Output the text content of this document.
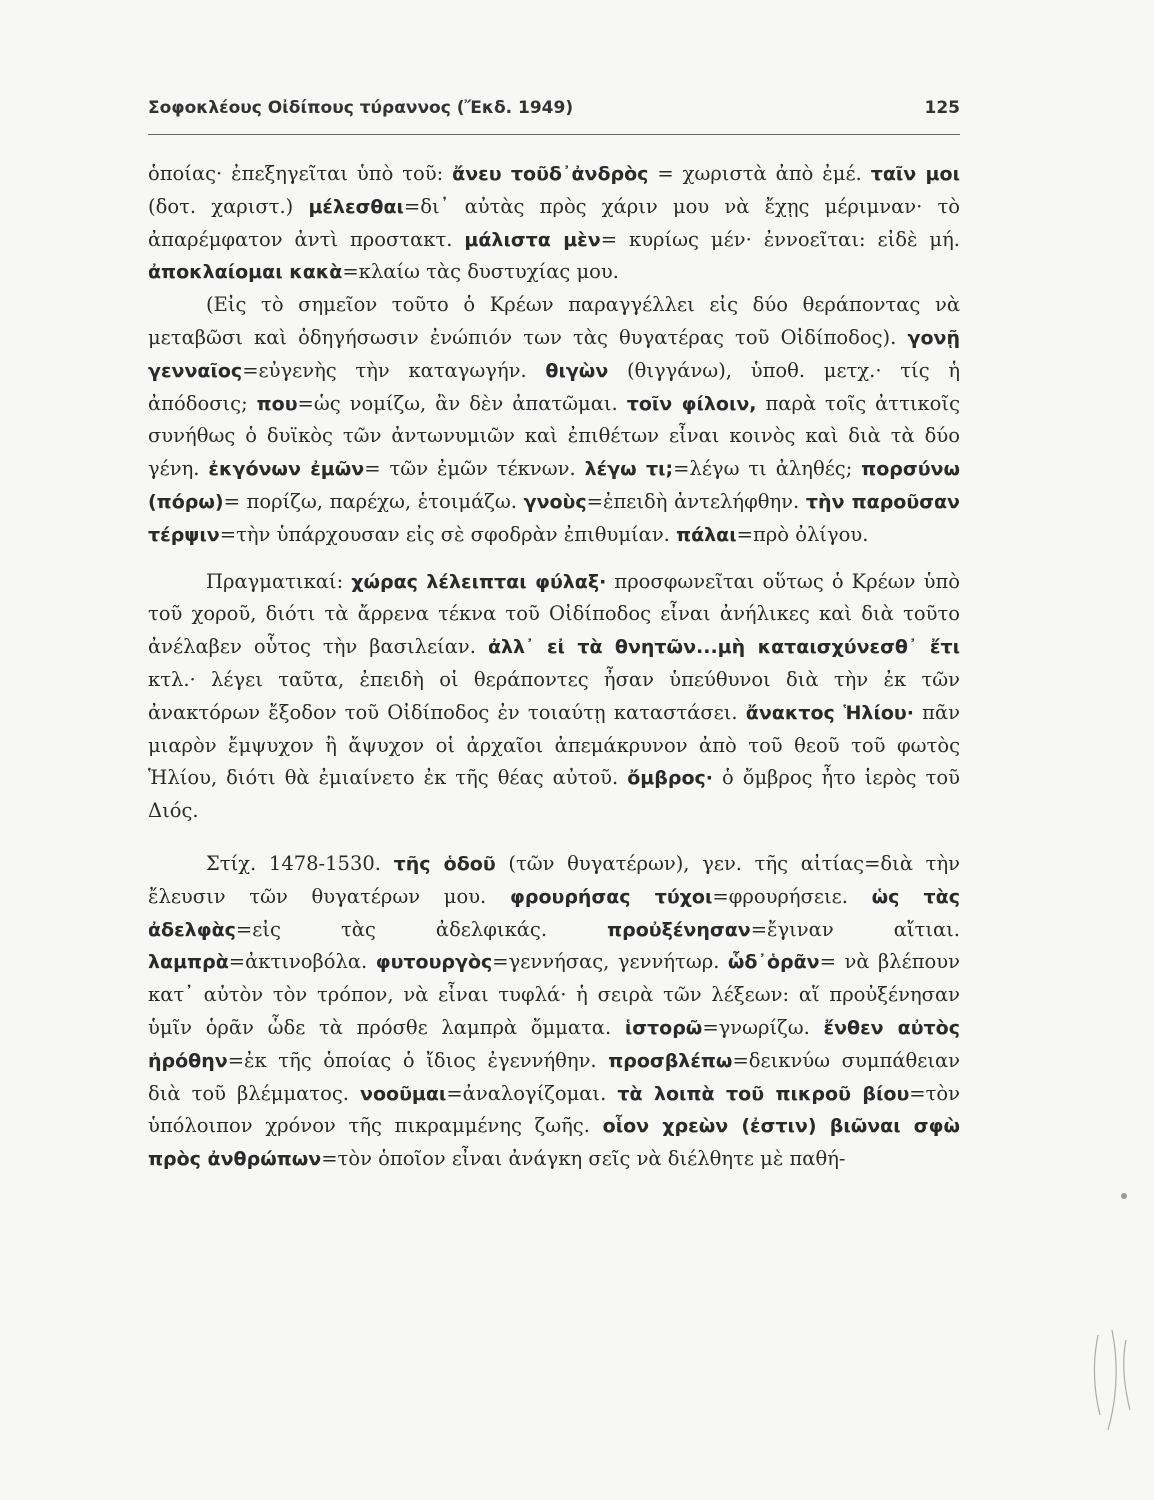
Σοφοκλέους Οἰδίπους τύραννος (Ἔκδ. 1949)	125

ὁποίας· ἐπεξηγεῖται ὑπὸ τοῦ: ἄνευ τοῦδ᾽ἀνδρὸς = χωριστὰ ἀπὸ ἐμέ. ταῖν μοι (δοτ. χαριστ.) μέλεσθαι=δι᾽ αὐτὰς πρὸς χάριν μου νὰ ἔχῃς μέριμναν· τὸ ἀπαρέμφατον ἀντὶ προστακτ. μάλιστα μὲν= κυρίως μέν· ἐννοεῖται: εἰδὲ μή. ἀποκλαίομαι κακὰ=κλαίω τὰς δυστυχίας μου.

(Εἰς τὸ σημεῖον τοῦτο ὁ Κρέων παραγγέλλει εἰς δύο θεράποντας νὰ μεταβῶσι καὶ ὁδηγήσωσιν ἐνώπιόν των τὰς θυγατέρας τοῦ Οἰδίποδος). γονῇ γενναῖος=εὐγενὴς τὴν καταγωγήν. θιγὼν (θιγγάνω), ὑποθ. μετχ.· τίς ἡ ἀπόδοσις; που=ὡς νομίζω, ἂν δὲν ἀπατῶμαι. τοῖν φίλοιν, παρὰ τοῖς ἀττικοῖς συνήθως ὁ δυϊκὸς τῶν ἀντωνυμιῶν καὶ ἐπιθέτων εἶναι κοινὸς καὶ διὰ τὰ δύο γένη. ἐκγόνων ἐμῶν= τῶν ἐμῶν τέκνων. λέγω τι;=λέγω τι ἀληθές; πορσύνω (πόρω)= πορίζω, παρέχω, ἑτοιμάζω. γνοὺς=ἐπειδὴ ἀντελήφθην. τὴν παροῦσαν τέρψιν=τὴν ὑπάρχουσαν εἰς σὲ σφοδρὰν ἐπιθυμίαν. πάλαι=πρὸ ὀλίγου.

Πραγματικαί: χώρας λέλειπται φύλαξ· προσφωνεῖται οὕτως ὁ Κρέων ὑπὸ τοῦ χοροῦ, διότι τὰ ἄρρενα τέκνα τοῦ Οἰδίποδος εἶναι ἀνήλικες καὶ διὰ τοῦτο ἀνέλαβεν οὗτος τὴν βασιλείαν. ἀλλ᾽ εἰ τὰ θνητῶν...μὴ καταισχύνεσθ᾽ ἔτι κτλ.· λέγει ταῦτα, ἐπειδὴ οἱ θεράποντες ἦσαν ὑπεύθυνοι διὰ τὴν ἐκ τῶν ἀνακτόρων ἔξοδον τοῦ Οἰδίποδος ἐν τοιαύτῃ καταστάσει. ἄνακτος Ἡλίου· πᾶν μιαρὸν ἔμψυχον ἢ ἄψυχον οἱ ἀρχαῖοι ἀπεμάκρυνον ἀπὸ τοῦ θεοῦ τοῦ φωτὸς Ἡλίου, διότι θὰ ἐμιαίνετο ἐκ τῆς θέας αὐτοῦ. ὄμβρος· ὁ ὄμβρος ἦτο ἱερὸς τοῦ Διός.

Στίχ. 1478-1530. τῆς ὁδοῦ (τῶν θυγατέρων), γεν. τῆς αἰτίας=διὰ τὴν ἔλευσιν τῶν θυγατέρων μου. φρουρήσας τύχοι=φρουρήσειε. ὡς τὰς ἀδελφὰς=εἰς τὰς ἀδελφικάς. προὐξένησαν=ἔγιναν αἴτιαι. λαμπρὰ=ἀκτινοβόλα. φυτουργὸς=γεννήσας, γεννήτωρ. ὧδ᾽ὁρᾶν= νὰ βλέπουν κατ᾽ αὐτὸν τὸν τρόπον, νὰ εἶναι τυφλά· ἡ σειρὰ τῶν λέξεων: αἵ προὐξένησαν ὑμῖν ὁρᾶν ὧδε τὰ πρόσθε λαμπρὰ ὄμματα. ἱστορῶ=γνωρίζω. ἔνθεν αὐτὸς ἠρόθην=ἐκ τῆς ὁποίας ὁ ἴδιος ἐγεννήθην. προσβλέπω=δεικνύω συμπάθειαν διὰ τοῦ βλέμματος. νοοῦμαι=ἀναλογίζομαι. τὰ λοιπὰ τοῦ πικροῦ βίου=τὸν ὑπόλοιπον χρόνον τῆς πικραμμένης ζωῆς. οἷον χρεὼν (ἐστιν) βιῶναι σφὼ πρὸς ἀνθρώπων=τὸν ὁποῖον εἶναι ἀνάγκη σεῖς νὰ διέλθητε μὲ παθή-
